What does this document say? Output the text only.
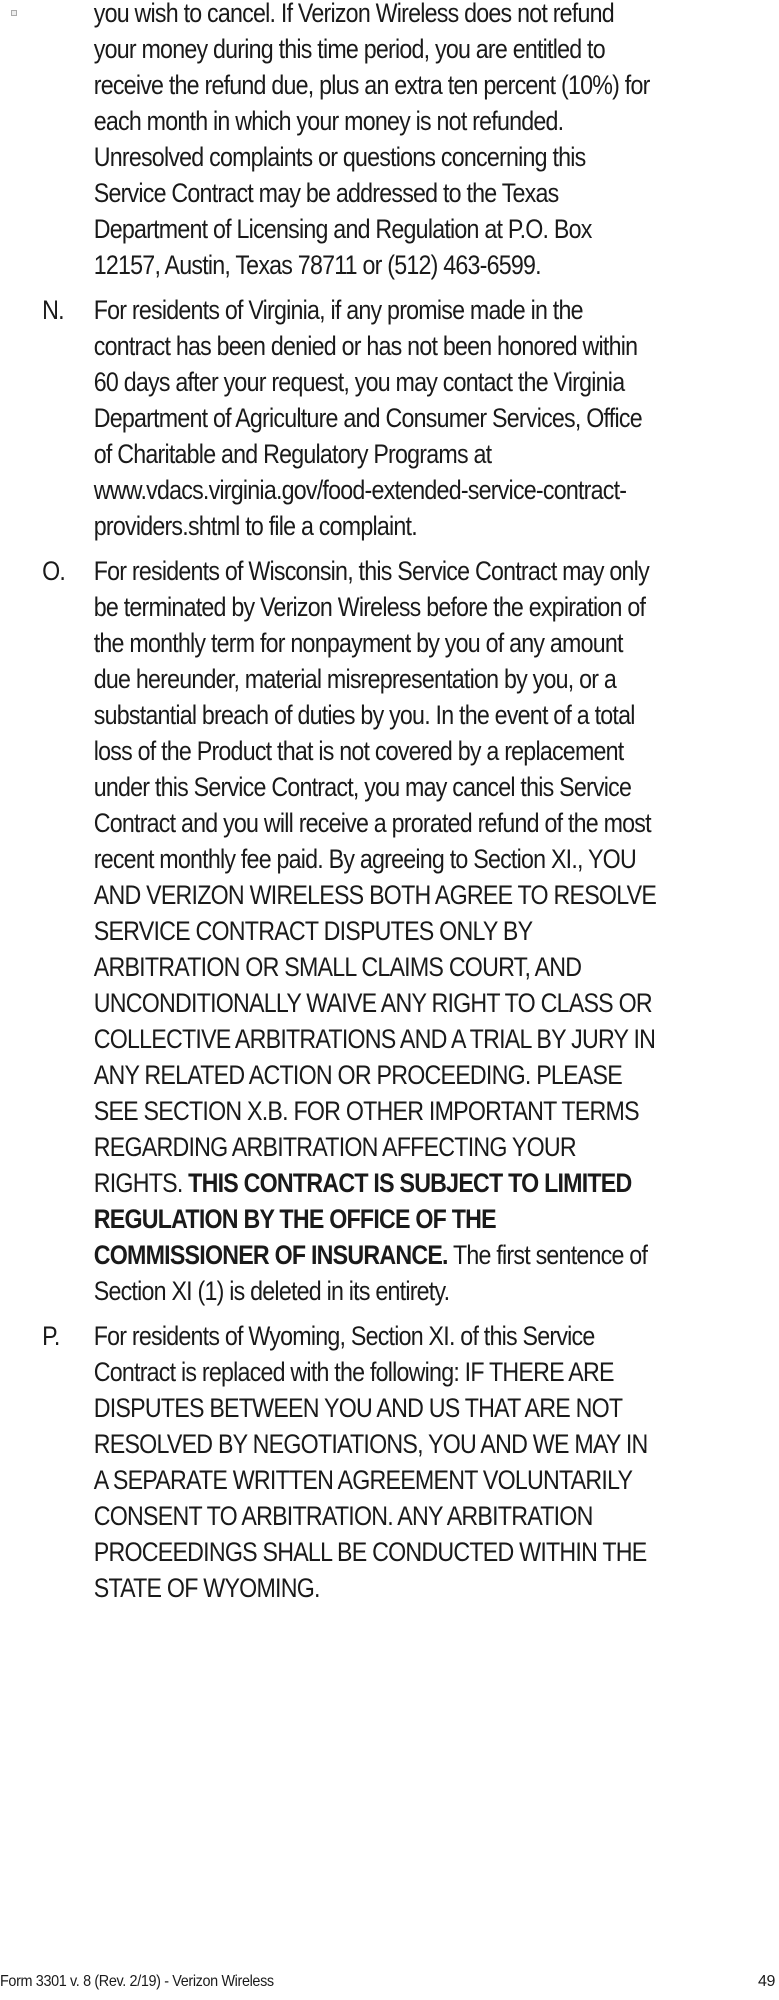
you wish to cancel. If Verizon Wireless does not refund your money during this time period, you are entitled to receive the refund due, plus an extra ten percent (10%) for each month in which your money is not refunded. Unresolved complaints or questions concerning this Service Contract may be addressed to the Texas Department of Licensing and Regulation at P.O. Box 12157, Austin, Texas 78711 or (512) 463-6599.
N.	For residents of Virginia, if any promise made in the contract has been denied or has not been honored within 60 days after your request, you may contact the Virginia Department of Agriculture and Consumer Services, Office of Charitable and Regulatory Programs at www.vdacs.virginia.gov/food-extended-service-contract-providers.shtml to file a complaint.
O.	For residents of Wisconsin, this Service Contract may only be terminated by Verizon Wireless before the expiration of the monthly term for nonpayment by you of any amount due hereunder, material misrepresentation by you, or a substantial breach of duties by you. In the event of a total loss of the Product that is not covered by a replacement under this Service Contract, you may cancel this Service Contract and you will receive a prorated refund of the most recent monthly fee paid. By agreeing to Section XI., YOU AND VERIZON WIRELESS BOTH AGREE TO RESOLVE SERVICE CONTRACT DISPUTES ONLY BY ARBITRATION OR SMALL CLAIMS COURT, AND UNCONDITIONALLY WAIVE ANY RIGHT TO CLASS OR COLLECTIVE ARBITRATIONS AND A TRIAL BY JURY IN ANY RELATED ACTION OR PROCEEDING. PLEASE SEE SECTION X.B. FOR OTHER IMPORTANT TERMS REGARDING ARBITRATION AFFECTING YOUR RIGHTS. THIS CONTRACT IS SUBJECT TO LIMITED REGULATION BY THE OFFICE OF THE COMMISSIONER OF INSURANCE. The first sentence of Section XI (1) is deleted in its entirety.
P.	For residents of Wyoming, Section XI. of this Service Contract is replaced with the following: IF THERE ARE DISPUTES BETWEEN YOU AND US THAT ARE NOT RESOLVED BY NEGOTIATIONS, YOU AND WE MAY IN A SEPARATE WRITTEN AGREEMENT VOLUNTARILY CONSENT TO ARBITRATION. ANY ARBITRATION PROCEEDINGS SHALL BE CONDUCTED WITHIN THE STATE OF WYOMING.
Form 3301 v. 8 (Rev. 2/19) - Verizon Wireless	49
